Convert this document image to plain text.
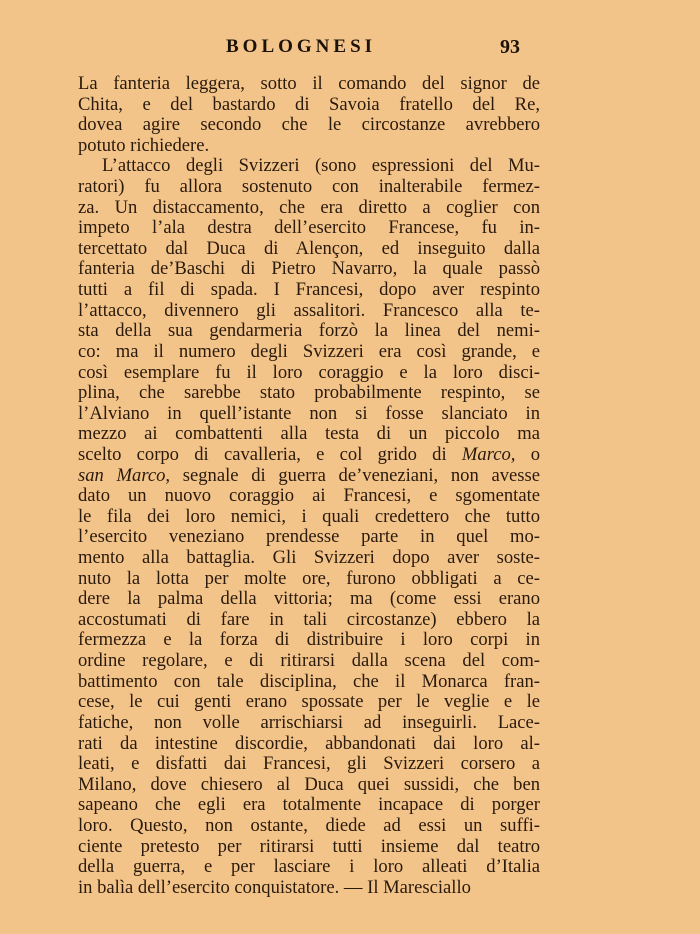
BOLOGNESI	93
La fanteria leggera, sotto il comando del signor de
Chita, e del bastardo di Savoia fratello del Re,
dovea agire secondo che le circostanze avrebbero
potuto richiedere.
L’attacco degli Svizzeri (sono espressioni del Mu-
ratori) fu allora sostenuto con inalterabile fermez-
za. Un distaccamento, che era diretto a coglier con
impeto l’ala destra dell’esercito Francese, fu in-
tercettato dal Duca di Alençon, ed inseguito dalla
fanteria de’Baschi di Pietro Navarro, la quale passò
tutti a fil di spada. I Francesi, dopo aver respinto
l’attacco, divennero gli assalitori. Francesco alla te-
sta della sua gendarmeria forzò la linea del nemi-
co: ma il numero degli Svizzeri era così grande, e
così esemplare fu il loro coraggio e la loro disci-
plina, che sarebbe stato probabilmente respinto, se
l’Alviano in quell’istante non si fosse slanciato in
mezzo ai combattenti alla testa di un piccolo ma
scelto corpo di cavalleria, e col grido di Marco, o
san Marco, segnale di guerra de’veneziani, non avesse
dato un nuovo coraggio ai Francesi, e sgomentate
le fila dei loro nemici, i quali credettero che tutto
l’esercito veneziano prendesse parte in quel mo-
mento alla battaglia. Gli Svizzeri dopo aver soste-
nuto la lotta per molte ore, furono obbligati a ce-
dere la palma della vittoria; ma (come essi erano
accostumati di fare in tali circostanze) ebbero la
fermezza e la forza di distribuire i loro corpi in
ordine regolare, e di ritirarsi dalla scena del com-
battimento con tale disciplina, che il Monarca fran-
cese, le cui genti erano spossate per le veglie e le
fatiche, non volle arrischiarsi ad inseguirli. Lace-
rati da intestine discordie, abbandonati dai loro al-
leati, e disfatti dai Francesi, gli Svizzeri corsero a
Milano, dove chiesero al Duca quei sussidi, che ben
sapeano che egli era totalmente incapace di porger
loro. Questo, non ostante, diede ad essi un suffi-
ciente pretesto per ritirarsi tutti insieme dal teatro
della guerra, e per lasciare i loro alleati d’Italia
in balìa dell’esercito conquistatore. — Il Maresciallo
